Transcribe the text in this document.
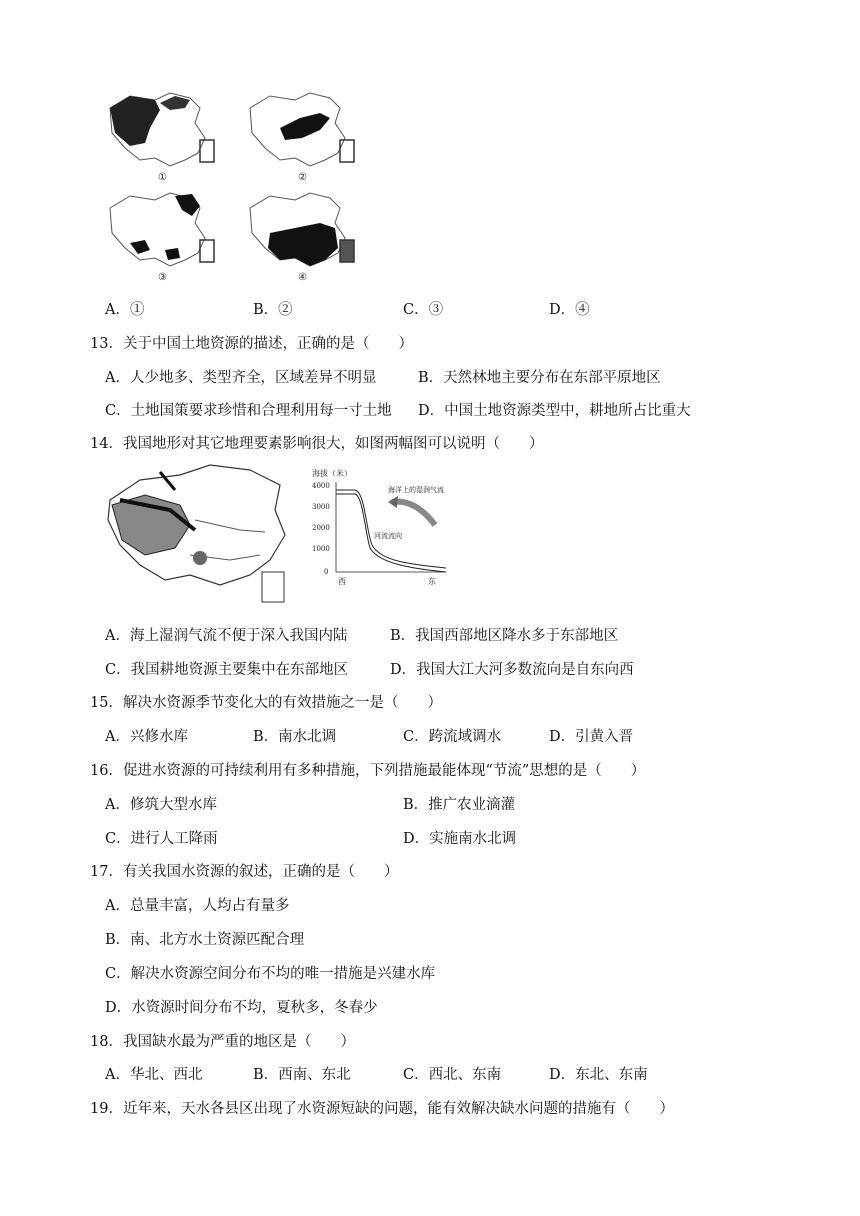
①	②
③	④
A．①	B．②	C．③	D．④
13．关于中国土地资源的描述，正确的是（　　）
A．人少地多、类型齐全，区域差异不明显	B．天然林地主要分布在东部平原地区
C．土地国策要求珍惜和合理利用每一寸土地 D．中国土地资源类型中，耕地所占比重大
14．我国地形对其它地理要素影响很大，如图两幅图可以说明（　　）
海拔（米）
4000
3000
2000
1000
0
海洋上的湿润气流
河流流向
西	东
A．海上湿润气流不便于深入我国内陆	B．我国西部地区降水多于东部地区
C．我国耕地资源主要集中在东部地区	D．我国大江大河多数流向是自东向西
15．解决水资源季节变化大的有效措施之一是（　　）
A．兴修水库	B．南水北调	C．跨流域调水	D．引黄入晋
16．促进水资源的可持续利用有多种措施，下列措施最能体现“节流”思想的是（　　）
A．修筑大型水库	B．推广农业滴灌
C．进行人工降雨	D．实施南水北调
17．有关我国水资源的叙述，正确的是（　　）
A．总量丰富，人均占有量多
B．南、北方水土资源匹配合理
C．解决水资源空间分布不均的唯一措施是兴建水库
D．水资源时间分布不均，夏秋多，冬春少
18．我国缺水最为严重的地区是（　　）
A．华北、西北	B．西南、东北	C．西北、东南	D．东北、东南
19．近年来，天水各县区出现了水资源短缺的问题，能有效解决缺水问题的措施有（　　）
